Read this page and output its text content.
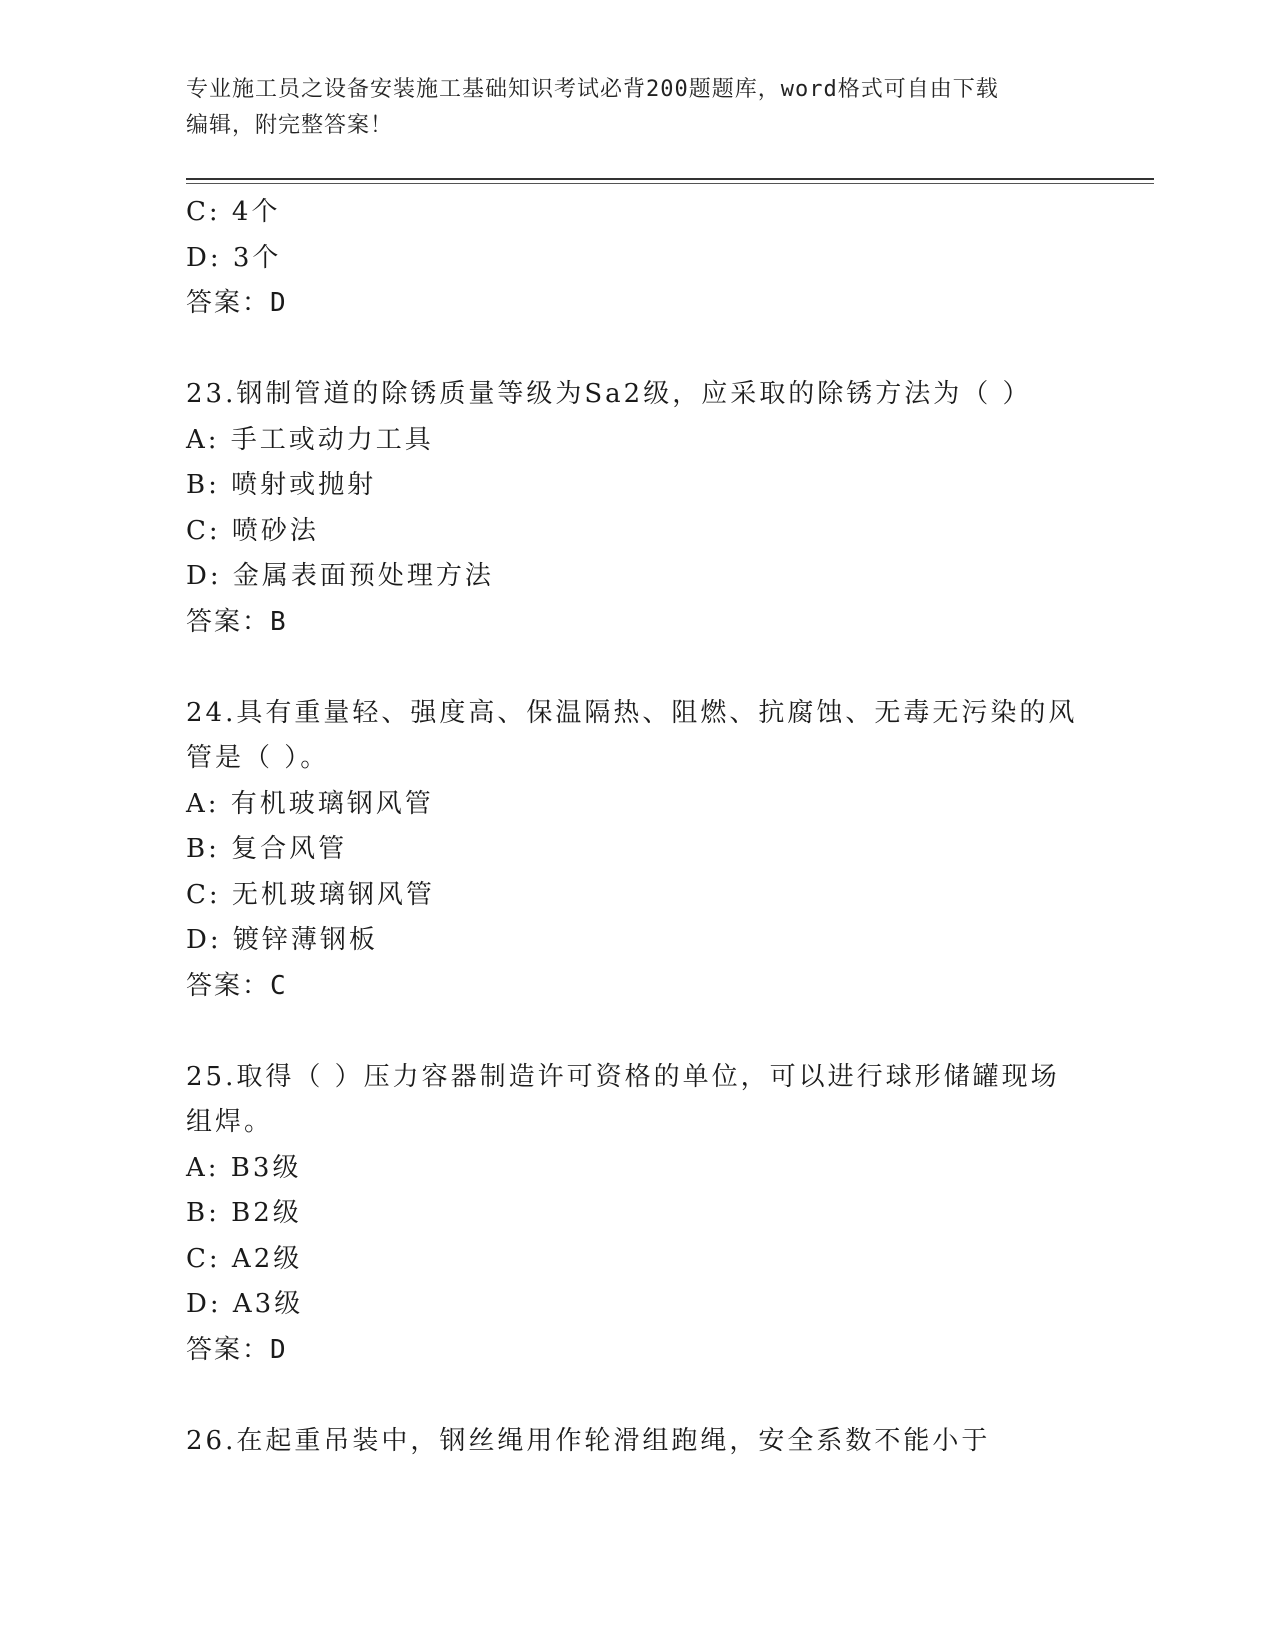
专业施工员之设备安装施工基础知识考试必背200题题库，word格式可自由下载
编辑，附完整答案！
C: 4个
D: 3个
答案：D
23.钢制管道的除锈质量等级为Sa2级，应采取的除锈方法为（ ）
A: 手工或动力工具
B: 喷射或抛射
C: 喷砂法
D: 金属表面预处理方法
答案：B
24.具有重量轻、强度高、保温隔热、阻燃、抗腐蚀、无毒无污染的风
管是（ ）。
A: 有机玻璃钢风管
B: 复合风管
C: 无机玻璃钢风管
D: 镀锌薄钢板
答案：C
25.取得（ ）压力容器制造许可资格的单位，可以进行球形储罐现场
组焊。
A: B3级
B: B2级
C: A2级
D: A3级
答案：D
26.在起重吊装中，钢丝绳用作轮滑组跑绳，安全系数不能小于
